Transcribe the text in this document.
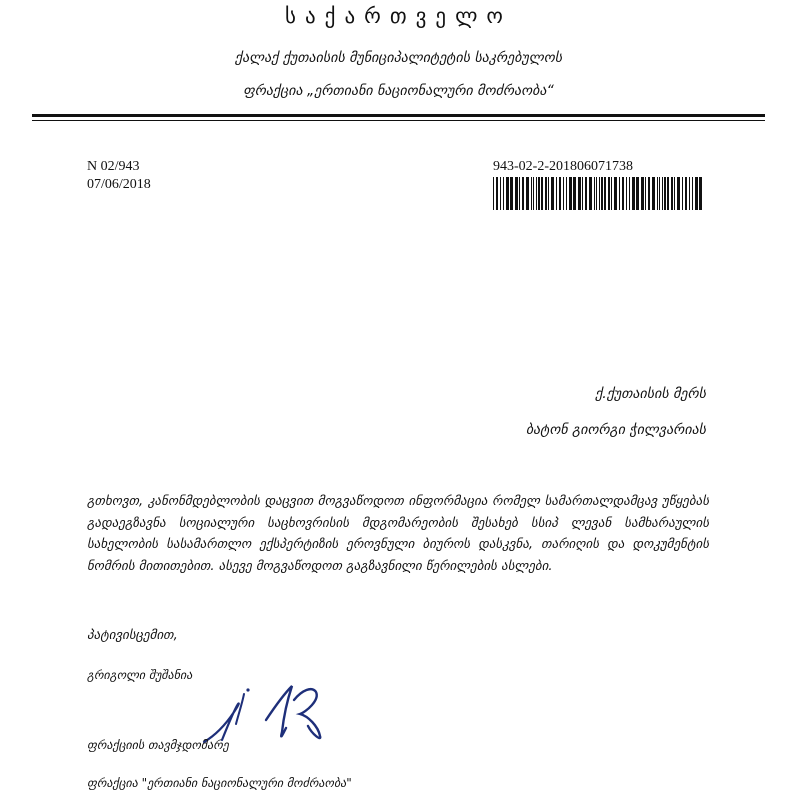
საქართველო
ქალაქ ქუთაისის მუნიციპალიტეტის საკრებულოს
ფრაქცია „ერთიანი ნაციონალური მოძრაობა“
N 02/943
07/06/2018
943-02-2-201806071738
ქ.ქუთაისის მერს
ბატონ გიორგი ჭილვარიას
გთხოვთ, კანონმდებლობის დაცვით მოგვაწოდოთ ინფორმაცია რომელ სამართალდამცავ უწყებას გადაეგზავნა სოციალური საცხოვრისის მდგომარეობის შესახებ სსიპ ლევან სამხარაულის სახელობის სასამართლო ექსპერტიზის ეროვნული ბიუროს დასკვნა, თარიღის და დოკუმენტის ნომრის მითითებით. ასევე მოგვაწოდოთ გაგზავნილი წერილების ასლები.
პატივისცემით,
გრიგოლი შუშანია
ფრაქციის თავმჯდომარე
ფრაქცია "ერთიანი ნაციონალური მოძრაობა"
